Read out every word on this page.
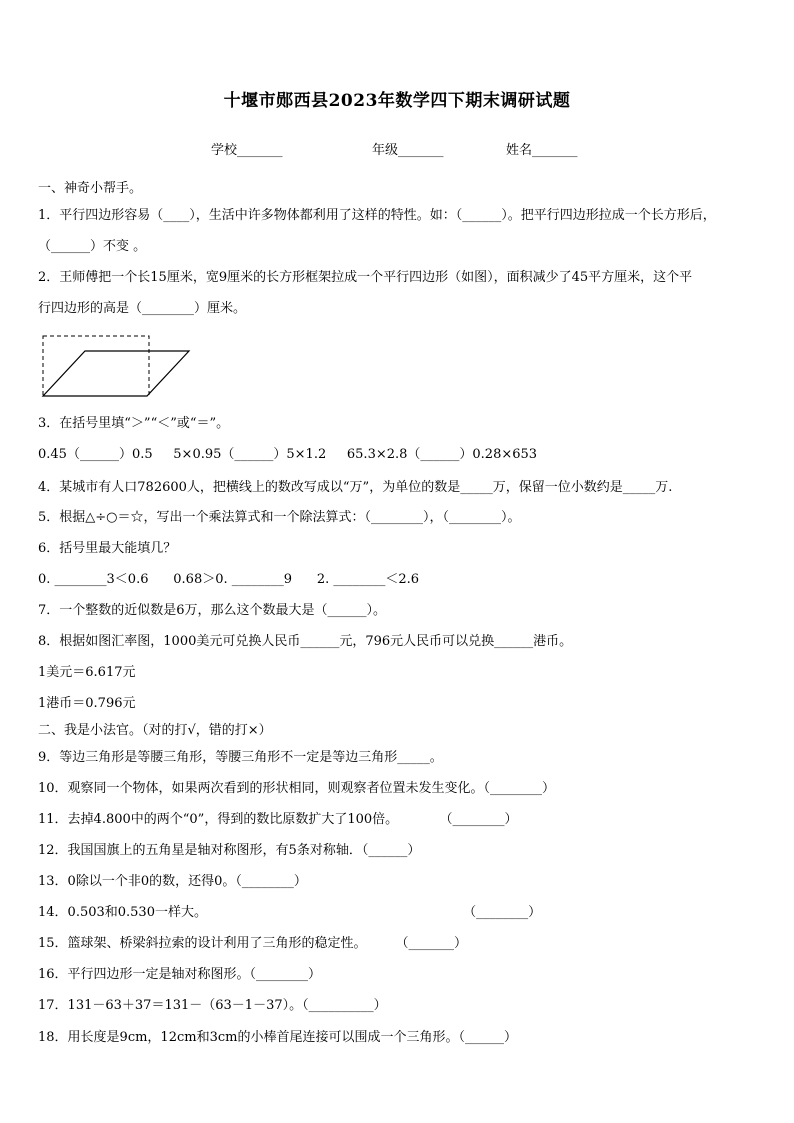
十堰市郧西县2023年数学四下期末调研试题
学校_______	年级_______	姓名_______
一、神奇小帮手。
1．平行四边形容易（____），生活中许多物体都利用了这样的特性。如：（______）。把平行四边形拉成一个长方形后，
（______）不变 。
2．王师傅把一个长15厘米，宽9厘米的长方形框架拉成一个平行四边形（如图），面积减少了45平方厘米，这个平
行四边形的高是（________）厘米。
3．在括号里填“＞”“＜”或“＝”。
0.45（______）0.5     5×0.95（______）5×1.2     65.3×2.8（______）0.28×653
4．某城市有人口782600人，把横线上的数改写成以“万”，为单位的数是_____万，保留一位小数约是_____万.
5．根据△÷○＝☆，写出一个乘法算式和一个除法算式：（________），（________）。
6．括号里最大能填几？
0. ________3＜0.6      0.68＞0. ________9      2. ________＜2.6
7．一个整数的近似数是6万，那么这个数最大是（______）。
8．根据如图汇率图，1000美元可兑换人民币______元，796元人民币可以兑换______港币。
1美元＝6.617元
1港币＝0.796元
二、我是小法官。（对的打√，错的打×）
9．等边三角形是等腰三角形，等腰三角形不一定是等边三角形_____。
10．观察同一个物体，如果两次看到的形状相同，则观察者位置未发生变化。（________）
11．去掉4.800中的两个“0”，得到的数比原数扩大了100倍。          （________）
12．我国国旗上的五角星是轴对称图形，有5条对称轴．（______）
13．0除以一个非0的数，还得0。（________）
14．0.503和0.530一样大。                                                              （________）
15．篮球架、桥梁斜拉索的设计利用了三角形的稳定性。       （_______）
16．平行四边形一定是轴对称图形。（________）
17．131－63＋37＝131－（63－1－37）。（__________）
18．用长度是9cm，12cm和3cm的小棒首尾连接可以围成一个三角形。（______）
